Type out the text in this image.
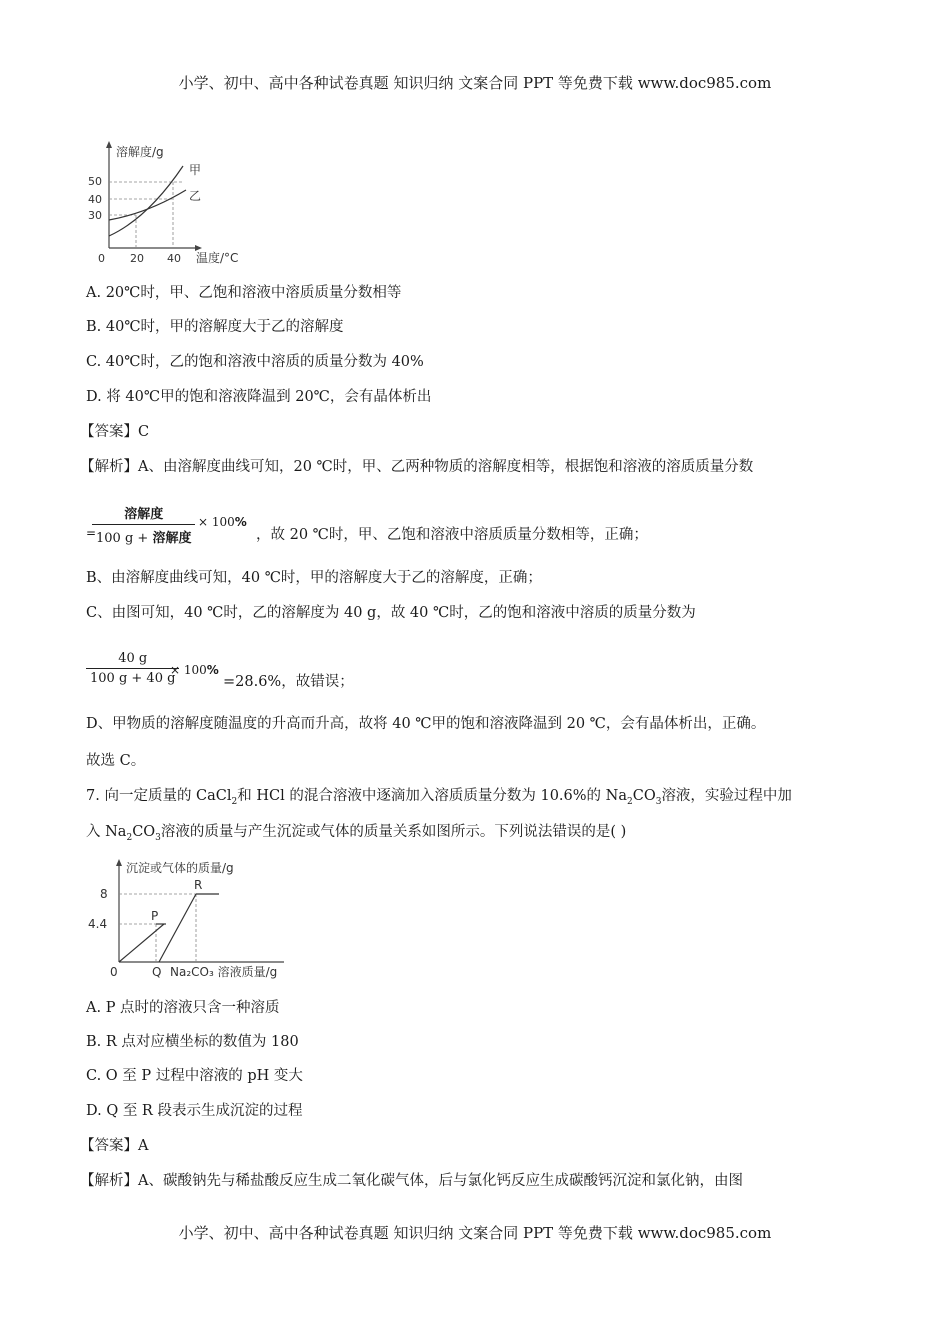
小学、初中、高中各种试卷真题 知识归纳 文案合同 PPT 等免费下载 www.doc985.com
溶解度/g
50
40
30
0 20 40 温度/°C
甲
乙
A. 20℃时，甲、乙饱和溶液中溶质质量分数相等
B. 40℃时，甲的溶解度大于乙的溶解度
C. 40℃时，乙的饱和溶液中溶质的质量分数为 40%
D. 将 40℃甲的饱和溶液降温到 20℃，会有晶体析出
【答案】C
【解析】A、由溶解度曲线可知，20 ℃时，甲、乙两种物质的溶解度相等，根据饱和溶液的溶质质量分数
=
溶解度
100 g + 溶解度
× 100%
，故 20 ℃时，甲、乙饱和溶液中溶质质量分数相等，正确；
B、由溶解度曲线可知，40 ℃时，甲的溶解度大于乙的溶解度，正确；
C、由图可知，40 ℃时，乙的溶解度为 40 g，故 40 ℃时，乙的饱和溶液中溶质的质量分数为
40 g
100 g + 40 g
× 100%
=28.6%，故错误；
D、甲物质的溶解度随温度的升高而升高，故将 40 ℃甲的饱和溶液降温到 20 ℃，会有晶体析出，正确。
故选 C。
7. 向一定质量的 CaCl$_2$和 HCl 的混合溶液中逐滴加入溶质质量分数为 10.6%的 $Na_2CO_3$溶液，实验过程中加
入 $Na_2CO_3$溶液的质量与产生沉淀或气体的质量关系如图所示。下列说法错误的是( )
沉淀或气体的质量/g
8
4.4
0	Q Na₂CO₃ 溶液质量/g
P
R
A. P 点时的溶液只含一种溶质
B. R 点对应横坐标的数值为 180
C. O 至 P 过程中溶液的 pH 变大
D. Q 至 R 段表示生成沉淀的过程
【答案】A
【解析】A、碳酸钠先与稀盐酸反应生成二氧化碳气体，后与氯化钙反应生成碳酸钙沉淀和氯化钠，由图
小学、初中、高中各种试卷真题 知识归纳 文案合同 PPT 等免费下载 www.doc985.com
